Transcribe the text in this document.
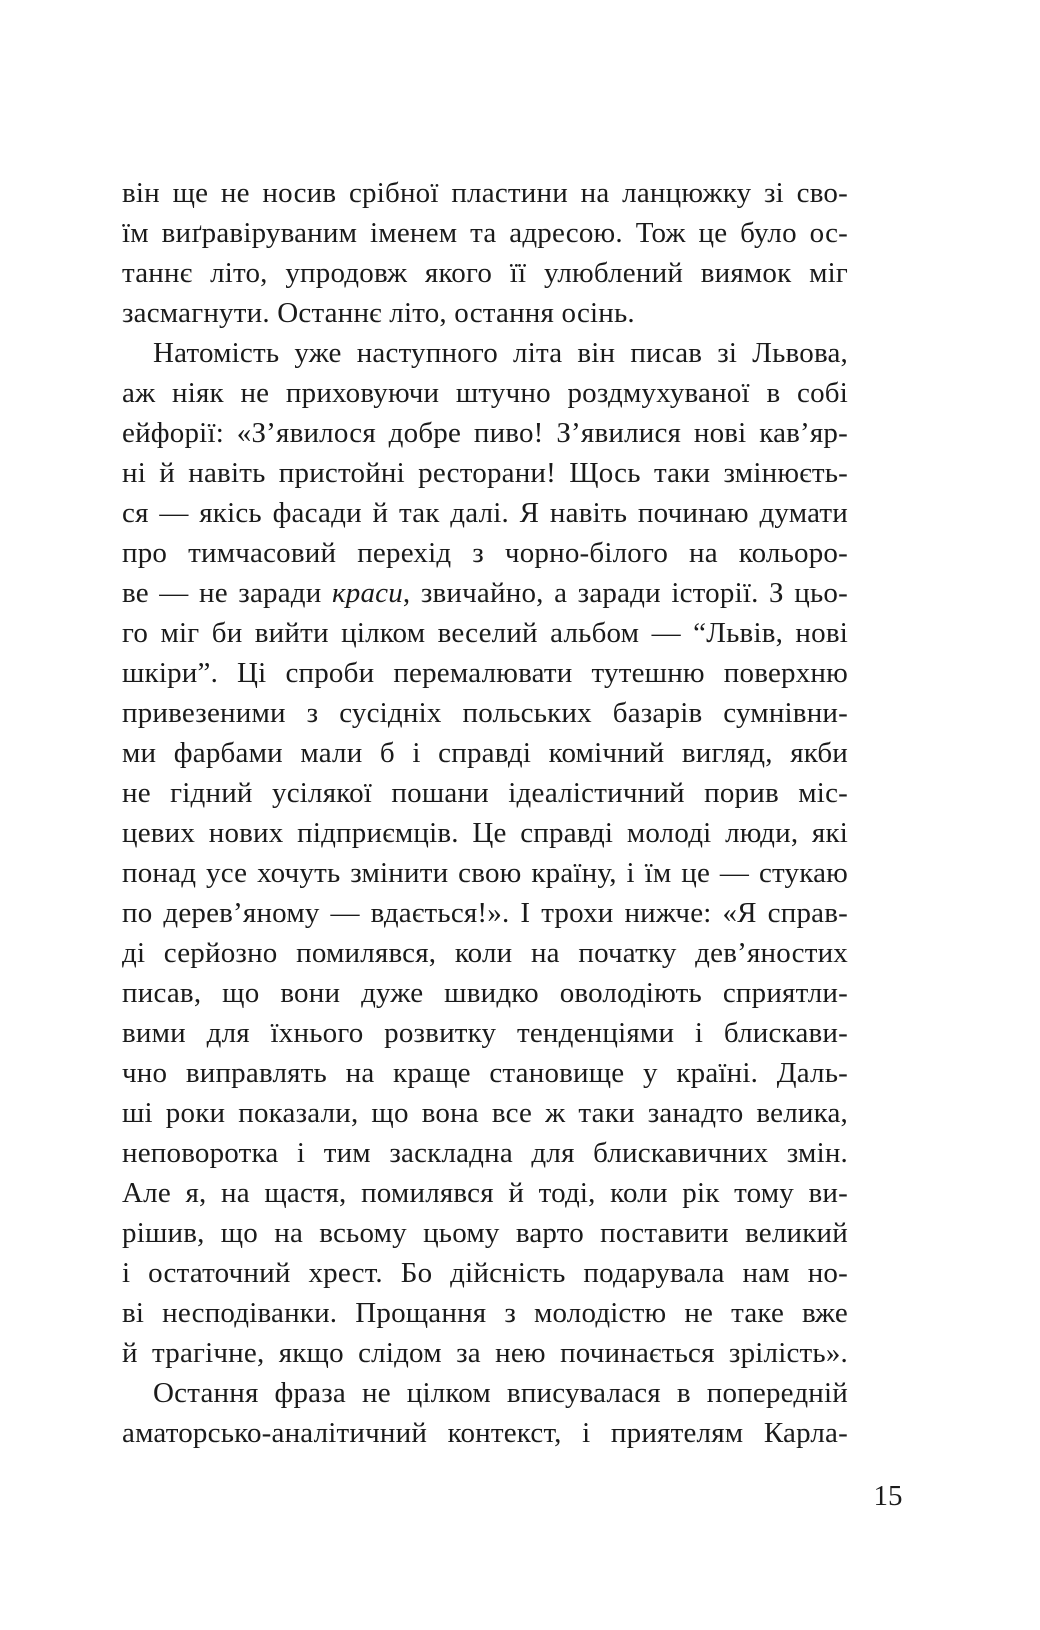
він ще не носив срібної пластини на ланцюжку зі сво-
їм виґравіруваним іменем та адресою. Тож це було ос-
таннє літо, упродовж якого її улюблений виямок міг
засмагнути. Останнє літо, остання осінь.
Натомість уже наступного літа він писав зі Львова,
аж ніяк не приховуючи штучно роздмухуваної в собі
ейфорії: «З’явилося добре пиво! З’явилися нові кав’яр-
ні й навіть пристойні ресторани! Щось таки змінюєть-
ся — якісь фасади й так далі. Я навіть починаю думати
про тимчасовий перехід з чорно-білого на кольоро-
ве — не заради краси, звичайно, а заради історії. З цьо-
го міг би вийти цілком веселий альбом — “Львів, нові
шкіри”. Ці спроби перемалювати тутешню поверхню
привезеними з сусідніх польських базарів сумнівни-
ми фарбами мали б і справді комічний вигляд, якби
не гідний усілякої пошани ідеалістичний порив міс-
цевих нових підприємців. Це справді молоді люди, які
понад усе хочуть змінити свою країну, і їм це — стукаю
по дерев’яному — вдається!». І трохи нижче: «Я справ-
ді серйозно помилявся, коли на початку дев’яностих
писав, що вони дуже швидко оволодіють сприятли-
вими для їхнього розвитку тенденціями і блискави-
чно виправлять на краще становище у країні. Даль-
ші роки показали, що вона все ж таки занадто велика,
неповоротка і тим заскладна для блискавичних змін.
Але я, на щастя, помилявся й тоді, коли рік тому ви-
рішив, що на всьому цьому варто поставити великий
і остаточний хрест. Бо дійсність подарувала нам но-
ві несподіванки. Прощання з молодістю не таке вже
й трагічне, якщо слідом за нею починається зрілість».
Остання фраза не цілком вписувалася в попередній
аматорсько-аналітичний контекст, і приятелям Карла-
15
